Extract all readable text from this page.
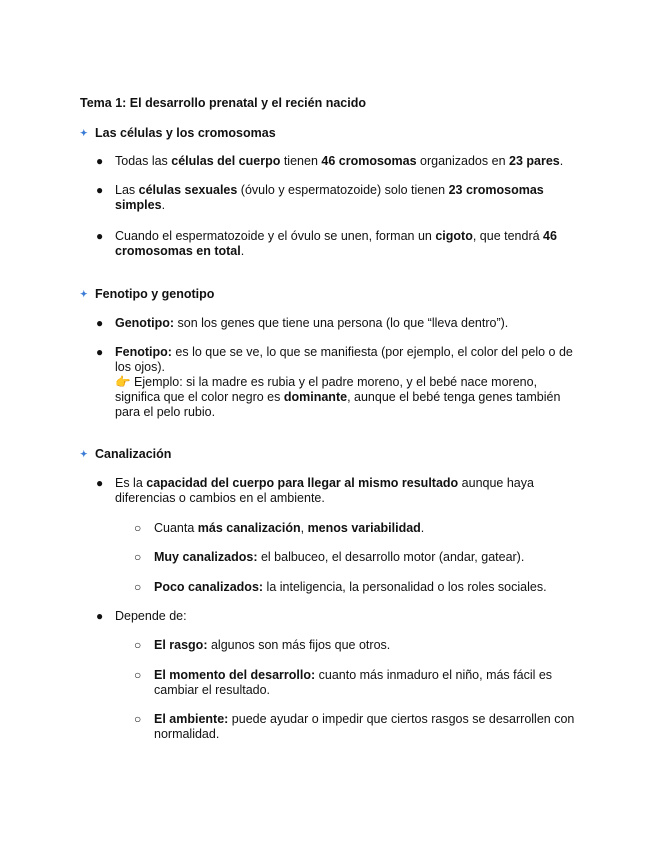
Tema 1: El desarrollo prenatal y el recién nacido
✦ Las células y los cromosomas
● Todas las células del cuerpo tienen 46 cromosomas organizados en 23 pares.
● Las células sexuales (óvulo y espermatozoide) solo tienen 23 cromosomas simples.
● Cuando el espermatozoide y el óvulo se unen, forman un cigoto, que tendrá 46 cromosomas en total.
✦ Fenotipo y genotipo
● Genotipo: son los genes que tiene una persona (lo que “lleva dentro”).
● Fenotipo: es lo que se ve, lo que se manifiesta (por ejemplo, el color del pelo o de los ojos).
👉 Ejemplo: si la madre es rubia y el padre moreno, y el bebé nace moreno, significa que el color negro es dominante, aunque el bebé tenga genes también para el pelo rubio.
✦ Canalización
● Es la capacidad del cuerpo para llegar al mismo resultado aunque haya diferencias o cambios en el ambiente.
○ Cuanta más canalización, menos variabilidad.
○ Muy canalizados: el balbuceo, el desarrollo motor (andar, gatear).
○ Poco canalizados: la inteligencia, la personalidad o los roles sociales.
● Depende de:
○ El rasgo: algunos son más fijos que otros.
○ El momento del desarrollo: cuanto más inmaduro el niño, más fácil es cambiar el resultado.
○ El ambiente: puede ayudar o impedir que ciertos rasgos se desarrollen con normalidad.
